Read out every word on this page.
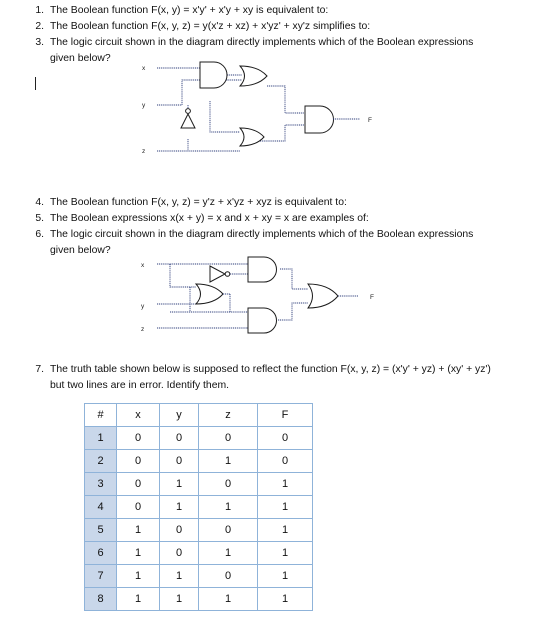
1. The Boolean function F(x, y) = x'y' + x'y + xy is equivalent to:
2. The Boolean function F(x, y, z) = y(x'z + xz) + x'yz' + xy'z simplifies to:
3. The logic circuit shown in the diagram directly implements which of the Boolean expressions
given below?
x
y
z
F
4. The Boolean function F(x, y, z) = y'z + x'yz + xyz is equivalent to:
5. The Boolean expressions x(x + y) = x and x + xy = x are examples of:
6. The logic circuit shown in the diagram directly implements which of the Boolean expressions
given below?
x
y
z
F
7. The truth table shown below is supposed to reflect the function F(x, y, z) = (x'y' + yz) + (xy' + yz')
but two lines are in error. Identify them.
#	x	y	z	F
1	0	0	0	0
2	0	0	1	0
3	0	1	0	1
4	0	1	1	1
5	1	0	0	1
6	1	0	1	1
7	1	1	0	1
8	1	1	1	1
